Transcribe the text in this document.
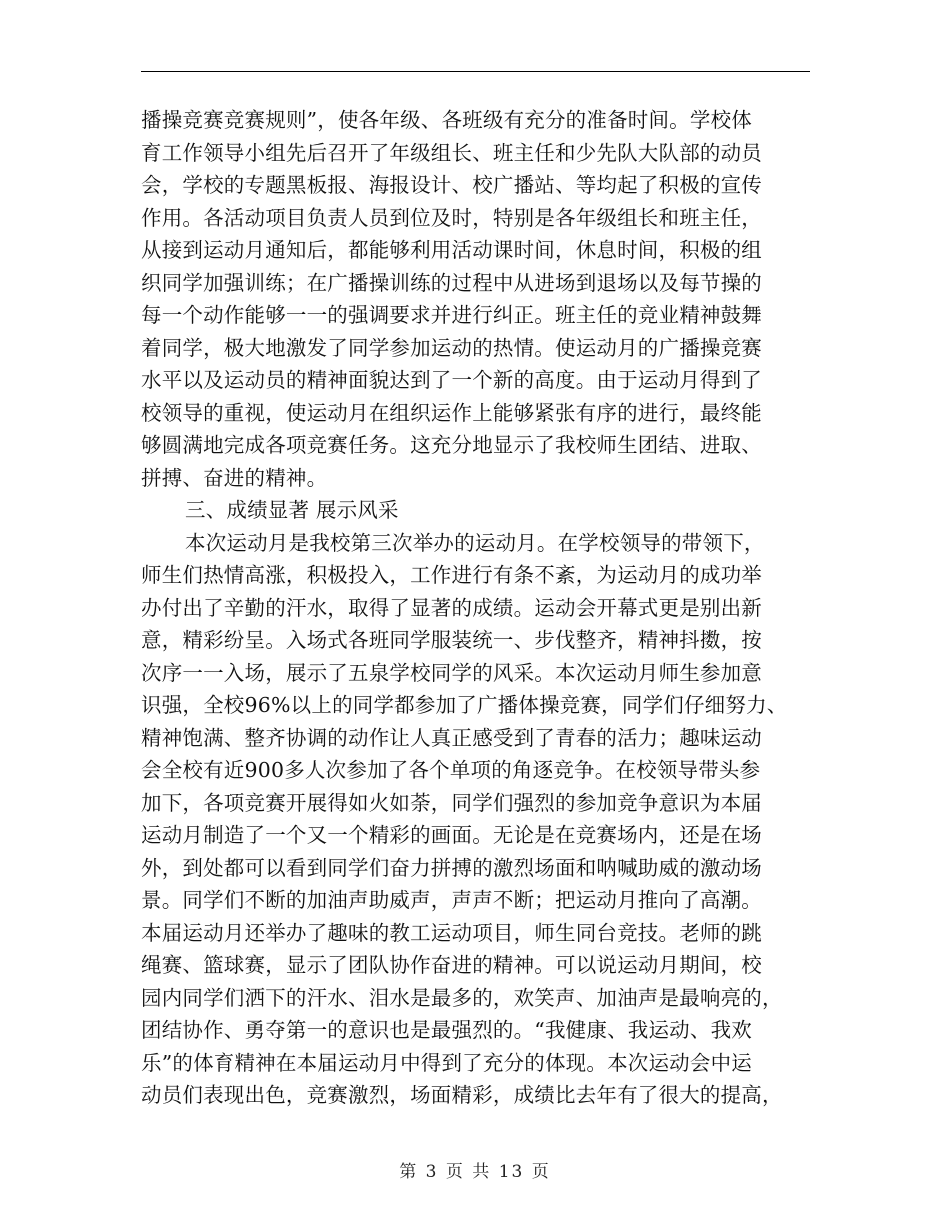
播操竞赛竞赛规则”，使各年级、各班级有充分的准备时间。学校体
育工作领导小组先后召开了年级组长、班主任和少先队大队部的动员
会，学校的专题黑板报、海报设计、校广播站、等均起了积极的宣传
作用。各活动项目负责人员到位及时，特别是各年级组长和班主任，
从接到运动月通知后，都能够利用活动课时间，休息时间，积极的组
织同学加强训练；在广播操训练的过程中从进场到退场以及每节操的
每一个动作能够一一的强调要求并进行纠正。班主任的竞业精神鼓舞
着同学，极大地激发了同学参加运动的热情。使运动月的广播操竞赛
水平以及运动员的精神面貌达到了一个新的高度。由于运动月得到了
校领导的重视，使运动月在组织运作上能够紧张有序的进行，最终能
够圆满地完成各项竞赛任务。这充分地显示了我校师生团结、进取、
拼搏、奋进的精神。
三、成绩显著 展示风采
本次运动月是我校第三次举办的运动月。在学校领导的带领下，
师生们热情高涨，积极投入，工作进行有条不紊，为运动月的成功举
办付出了辛勤的汗水，取得了显著的成绩。运动会开幕式更是别出新
意，精彩纷呈。入场式各班同学服装统一、步伐整齐，精神抖擞，按
次序一一入场，展示了五泉学校同学的风采。本次运动月师生参加意
识强，全校96%以上的同学都参加了广播体操竞赛，同学们仔细努力、
精神饱满、整齐协调的动作让人真正感受到了青春的活力；趣味运动
会全校有近900多人次参加了各个单项的角逐竞争。在校领导带头参
加下，各项竞赛开展得如火如荼，同学们强烈的参加竞争意识为本届
运动月制造了一个又一个精彩的画面。无论是在竞赛场内，还是在场
外，到处都可以看到同学们奋力拼搏的激烈场面和呐喊助威的激动场
景。同学们不断的加油声助威声，声声不断；把运动月推向了高潮。
本届运动月还举办了趣味的教工运动项目，师生同台竞技。老师的跳
绳赛、篮球赛，显示了团队协作奋进的精神。可以说运动月期间，校
园内同学们洒下的汗水、泪水是最多的，欢笑声、加油声是最响亮的，
团结协作、勇夺第一的意识也是最强烈的。“我健康、我运动、我欢
乐”的体育精神在本届运动月中得到了充分的体现。本次运动会中运
动员们表现出色，竞赛激烈，场面精彩，成绩比去年有了很大的提高，
第 3 页 共 13 页
